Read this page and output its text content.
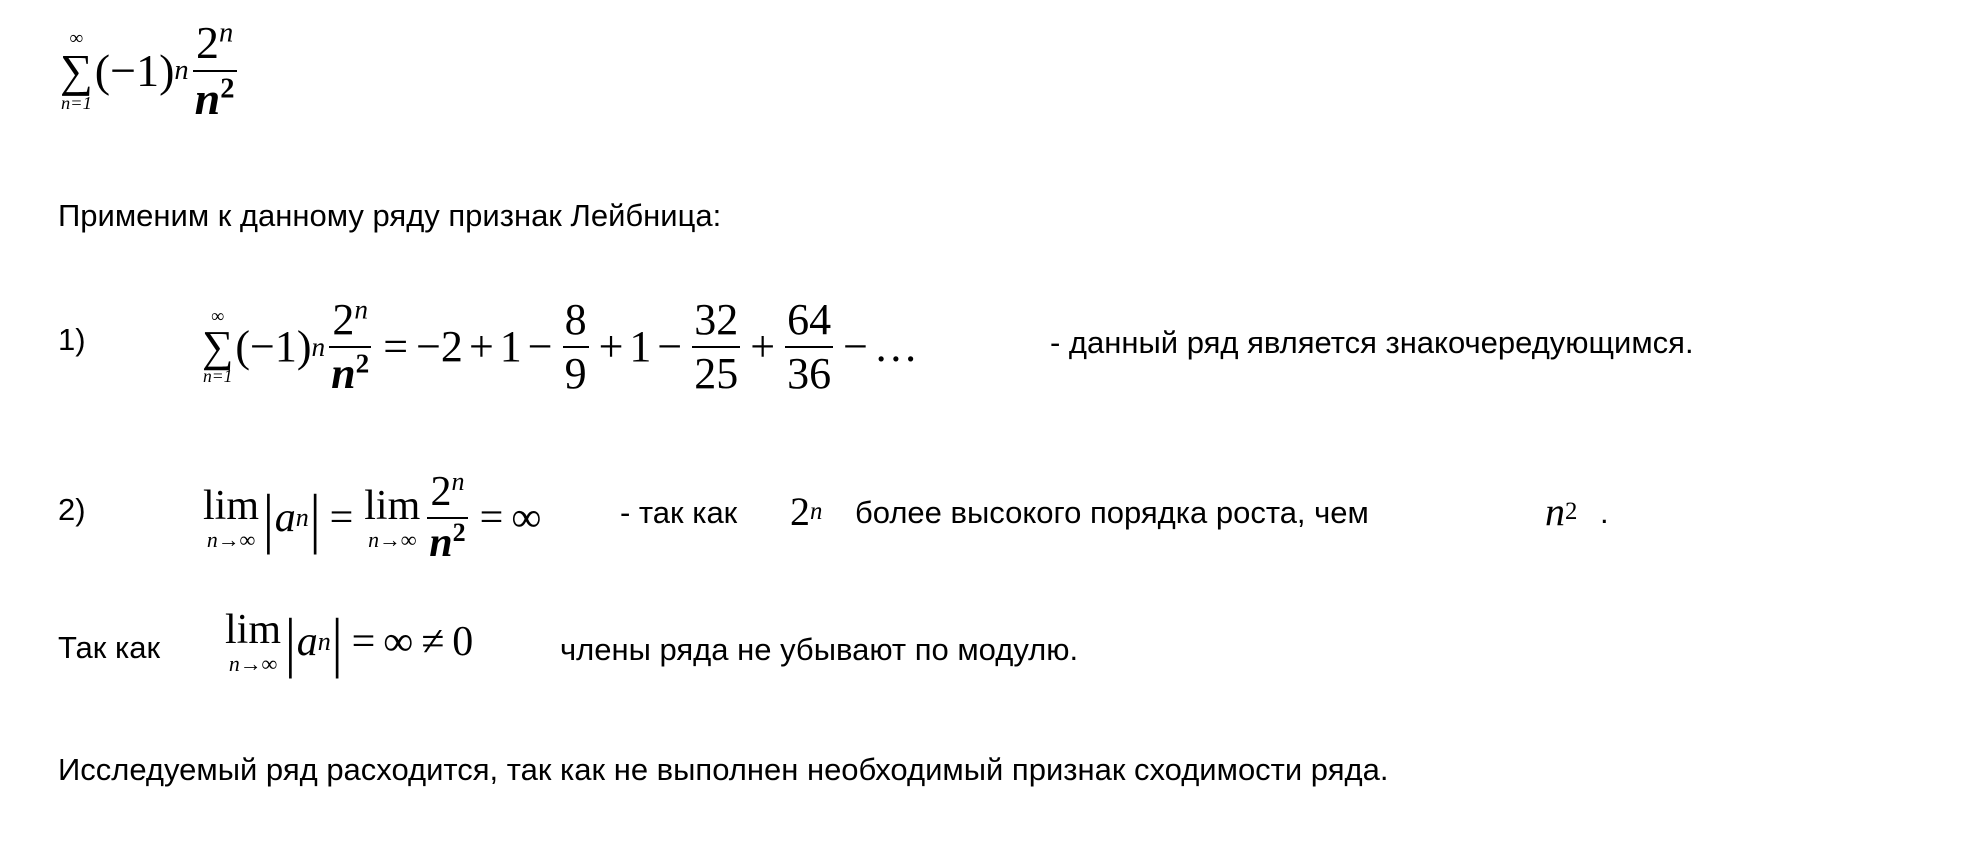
∞
∑
n=1
( −1 ) n $\frac{2^n}{n^2}$
Применим к данному ряду признак Лейбница:
1)
∞
∑
n=1
( −1 ) n $\frac{2^n}{n^2} = -2 + 1 - \frac{8}{9} + 1 - \frac{32}{25} + \frac{64}{36}$ − …	- данный ряд является знакочередующимся.
2)	lim
n→∞ | a n | = lim
$n\to\infty \frac{2^n}{n^2}$ = ∞	- так как 2 n более высокого порядка роста, чем	n 2 .
Так как lim
n→∞ | a n | = ∞ ≠ 0	члены ряда не убывают по модулю.
Исследуемый ряд расходится, так как не выполнен необходимый признак сходимости ряда.
